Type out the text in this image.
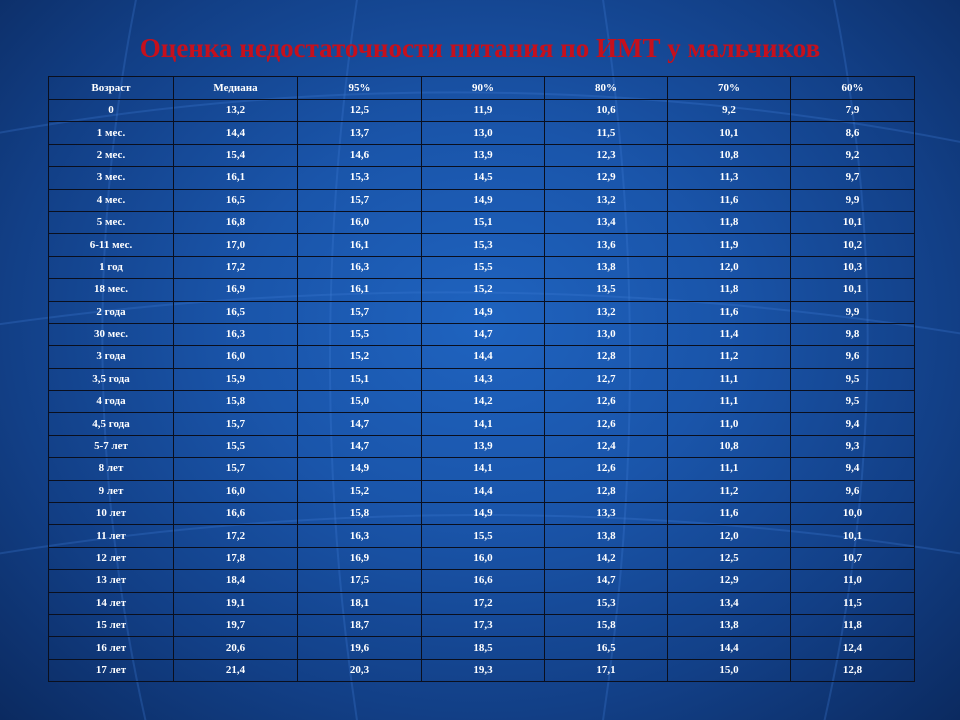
Оценка недостаточности питания по ИМТ у мальчиков
Возраст	Медиана	95%	90%	80%	70%	60%
0	13,2	12,5	11,9	10,6	9,2	7,9
1 мес.	14,4	13,7	13,0	11,5	10,1	8,6
2 мес.	15,4	14,6	13,9	12,3	10,8	9,2
3 мес.	16,1	15,3	14,5	12,9	11,3	9,7
4 мес.	16,5	15,7	14,9	13,2	11,6	9,9
5 мес.	16,8	16,0	15,1	13,4	11,8	10,1
6-11 мес.	17,0	16,1	15,3	13,6	11,9	10,2
1 год	17,2	16,3	15,5	13,8	12,0	10,3
18 мес.	16,9	16,1	15,2	13,5	11,8	10,1
2 года	16,5	15,7	14,9	13,2	11,6	9,9
30 мес.	16,3	15,5	14,7	13,0	11,4	9,8
3 года	16,0	15,2	14,4	12,8	11,2	9,6
3,5 года	15,9	15,1	14,3	12,7	11,1	9,5
4 года	15,8	15,0	14,2	12,6	11,1	9,5
4,5 года	15,7	14,7	14,1	12,6	11,0	9,4
5-7 лет	15,5	14,7	13,9	12,4	10,8	9,3
8 лет	15,7	14,9	14,1	12,6	11,1	9,4
9 лет	16,0	15,2	14,4	12,8	11,2	9,6
10 лет	16,6	15,8	14,9	13,3	11,6	10,0
11 лет	17,2	16,3	15,5	13,8	12,0	10,1
12 лет	17,8	16,9	16,0	14,2	12,5	10,7
13 лет	18,4	17,5	16,6	14,7	12,9	11,0
14 лет	19,1	18,1	17,2	15,3	13,4	11,5
15 лет	19,7	18,7	17,3	15,8	13,8	11,8
16 лет	20,6	19,6	18,5	16,5	14,4	12,4
17 лет	21,4	20,3	19,3	17,1	15,0	12,8
